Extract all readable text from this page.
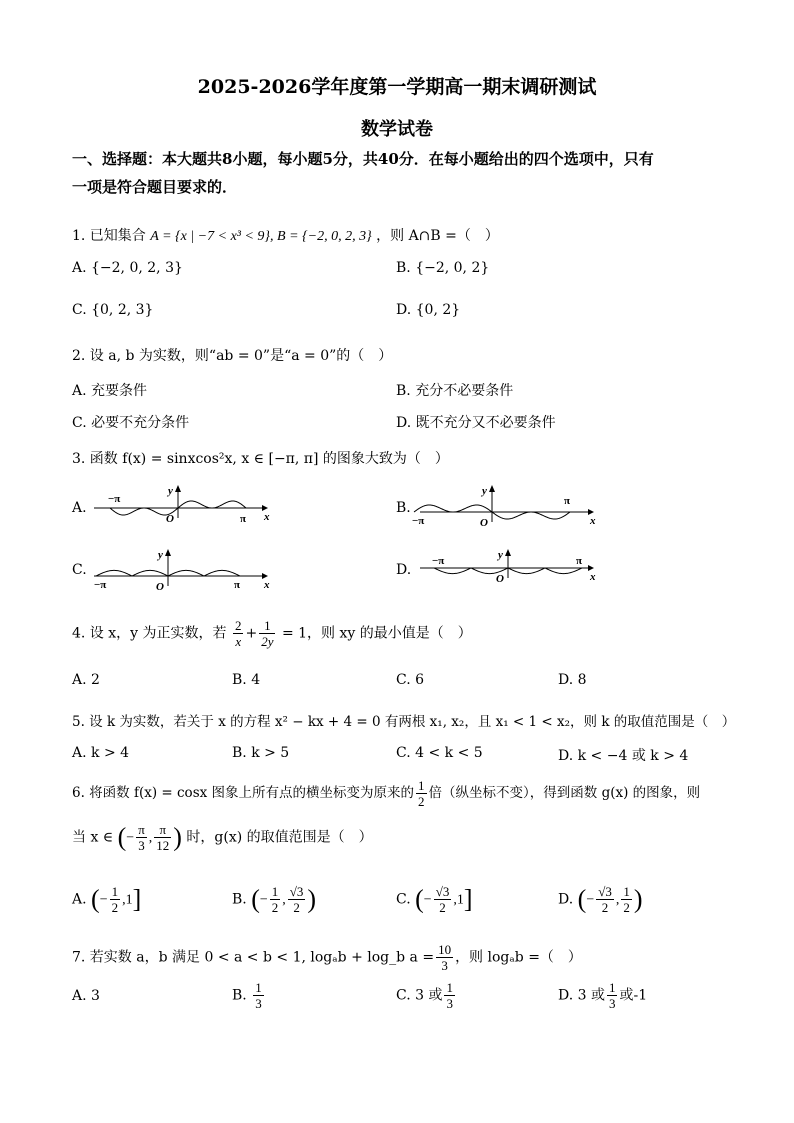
2025-2026学年度第一学期高一期末调研测试
数学试卷
一、选择题：本大题共8小题，每小题5分，共40分．在每小题给出的四个选项中，只有
一项是符合题目要求的．
1. 已知集合 A = {x | −7 < x³ < 9}, B = {−2, 0, 2, 3} ，则 A∩B =（　）
A. {−2, 0, 2, 3}	B. {−2, 0, 2}
C. {0, 2, 3}	D. {0, 2}
2. 设 a, b 为实数，则“ab = 0”是“a = 0”的（　）
A. 充要条件	B. 充分不必要条件
C. 必要不充分条件	D. 既不充分又不必要条件
3. 函数 f(x) = sinxcos²x, x ∈ [−π, π] 的图象大致为（　）
A.	B.
C.	D.
−π
π
O
y
x	−π
π
O
y
x
−π	π
O
y
x
−π	π
O
y
x
4. 设 x，y 为正实数，若 $\frac{2}{x} + \frac{1}{2y} = 1$，则 xy 的最小值是（　）
A. 2	B. 4	C. 6	D. 8
5. 设 k 为实数，若关于 x 的方程 x² − kx + 4 = 0 有两根 x₁, x₂，且 x₁ < 1 < x₂，则 k 的取值范围是（　）
A. k > 4	B. k > 5	C. 4 < k < 5	D. k < −4 或 k > 4
6. 将函数 f(x) = cosx 图象上所有点的横坐标变为原来的 $\frac{1}{2}$ 倍（纵坐标不变），得到函数 g(x) 的图象，则
当 x ∈ (− $\frac{\pi}{3}$ , $\frac{\pi}{12}$ ) 时，g(x) 的取值范围是（　）
A. (− $\frac{1}{2} ,1$]	B. (− $\frac{1}{2}$ , $\frac{√3}{2}$ )	C. (− $\frac{√3}{2} ,1$]	D. (− $\frac{√3}{2}$ , $\frac{1}{2}$ )
7. 若实数 a，b 满足 0 < a < b < 1, logₐb + log_b $a = \frac{10}{3}$ ，则 logₐb =（　）
A. 3	B. $\frac{1}{3}$	C. 3 或 $\frac{1}{3}$	D. 3 或 $\frac{1}{3}$ 或-1
